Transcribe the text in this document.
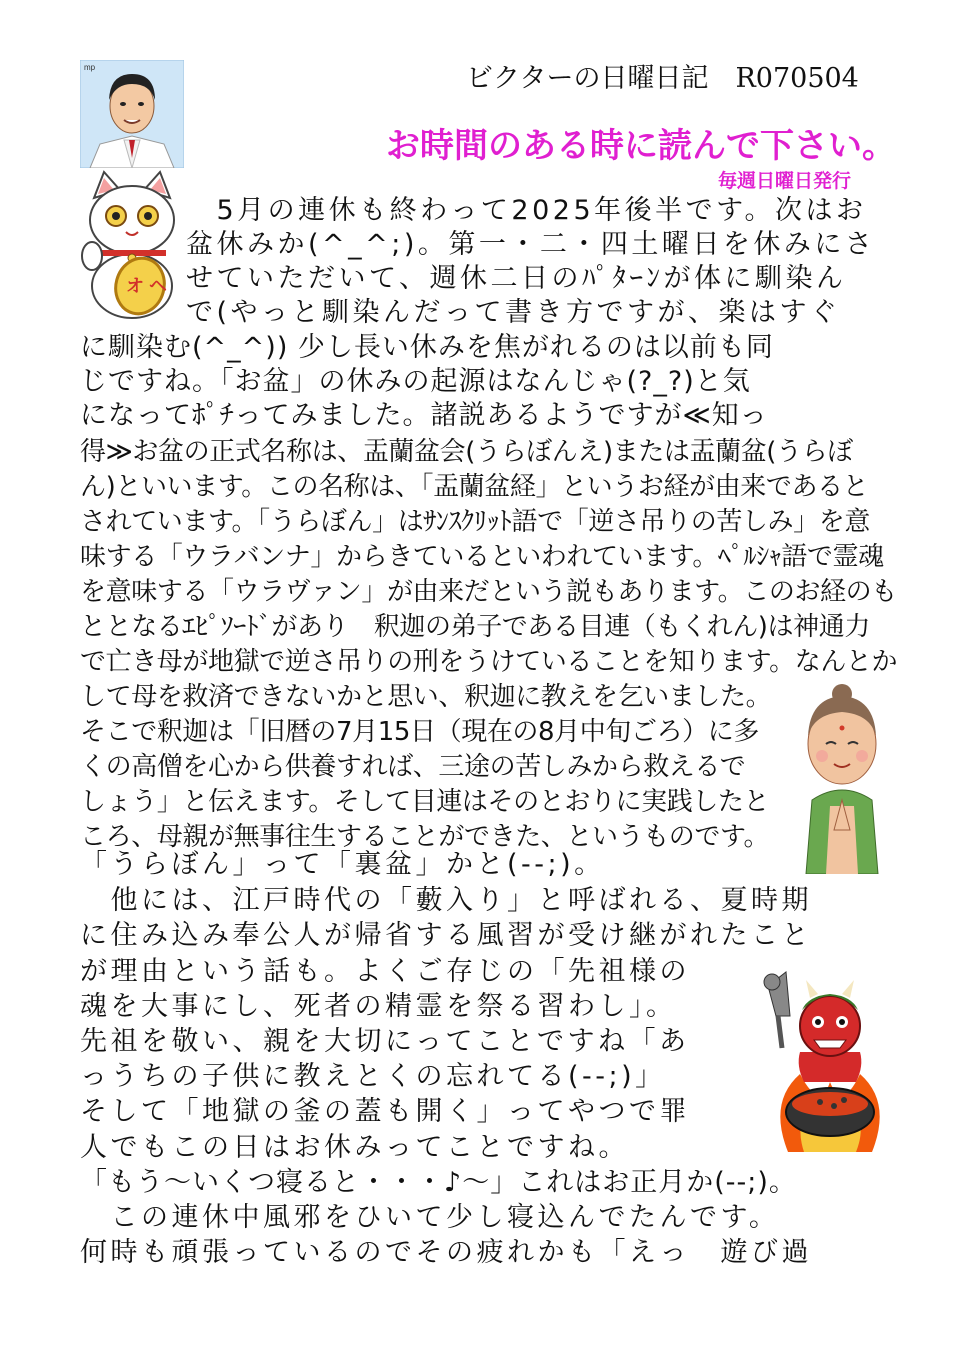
mp	ビクターの日曜日記　R070504
お時間のある時に読んで下さい。
毎週日曜日発行
オ ヘ
　5月の連休も終わって2025年後半です。次はお
盆休みか(^_^;)。第一・二・四土曜日を休みにさ
せていただいて、週休二日のﾊﾟﾀｰﾝが体に馴染ん
で(やっと馴染んだって書き方ですが、楽はすぐ
に馴染む(^_^)) 少し長い休みを焦がれるのは以前も同
じですね。「お盆」の休みの起源はなんじゃ(?_?)と気
になってﾎﾟﾁってみました。諸説あるようですが≪知っ
得≫お盆の正式名称は、盂蘭盆会(うらぼんえ)または盂蘭盆(うらぼ
ん)といいます。この名称は、「盂蘭盆経」というお経が由来であると
されています。「うらぼん」はｻﾝｽｸﾘｯﾄ語で「逆さ吊りの苦しみ」を意
味する「ウラバンナ」からきているといわれています。ﾍﾟﾙｼｬ語で霊魂
を意味する「ウラヴァン」が由来だという説もあります。このお経のも
ととなるｴﾋﾟｿｰﾄﾞがあり　釈迦の弟子である目連（もくれん)は神通力
で亡き母が地獄で逆さ吊りの刑をうけていることを知ります。なんとか
して母を救済できないかと思い、釈迦に教えを乞いました。
そこで釈迦は「旧暦の7月15日（現在の8月中旬ごろ）に多
くの高僧を心から供養すれば、三途の苦しみから救えるで
しょう」と伝えます。そして目連はそのとおりに実践したと
ころ、母親が無事往生することができた、というものです。
「うらぼん」って「裏盆」かと(--;)。
　他には、江戸時代の「藪入り」と呼ばれる、夏時期
に住み込み奉公人が帰省する風習が受け継がれたこと
が理由という話も。よくご存じの「先祖様の
魂を大事にし、死者の精霊を祭る習わし」。
先祖を敬い、親を大切にってことですね「あ
っうちの子供に教えとくの忘れてる(--;)」
そして「地獄の釜の蓋も開く」ってやつで罪
人でもこの日はお休みってことですね。
「もう～いくつ寝ると・・・♪～」これはお正月か(--;)。
　この連休中風邪をひいて少し寝込んでたんです。
何時も頑張っているのでその疲れかも「えっ　遊び過
